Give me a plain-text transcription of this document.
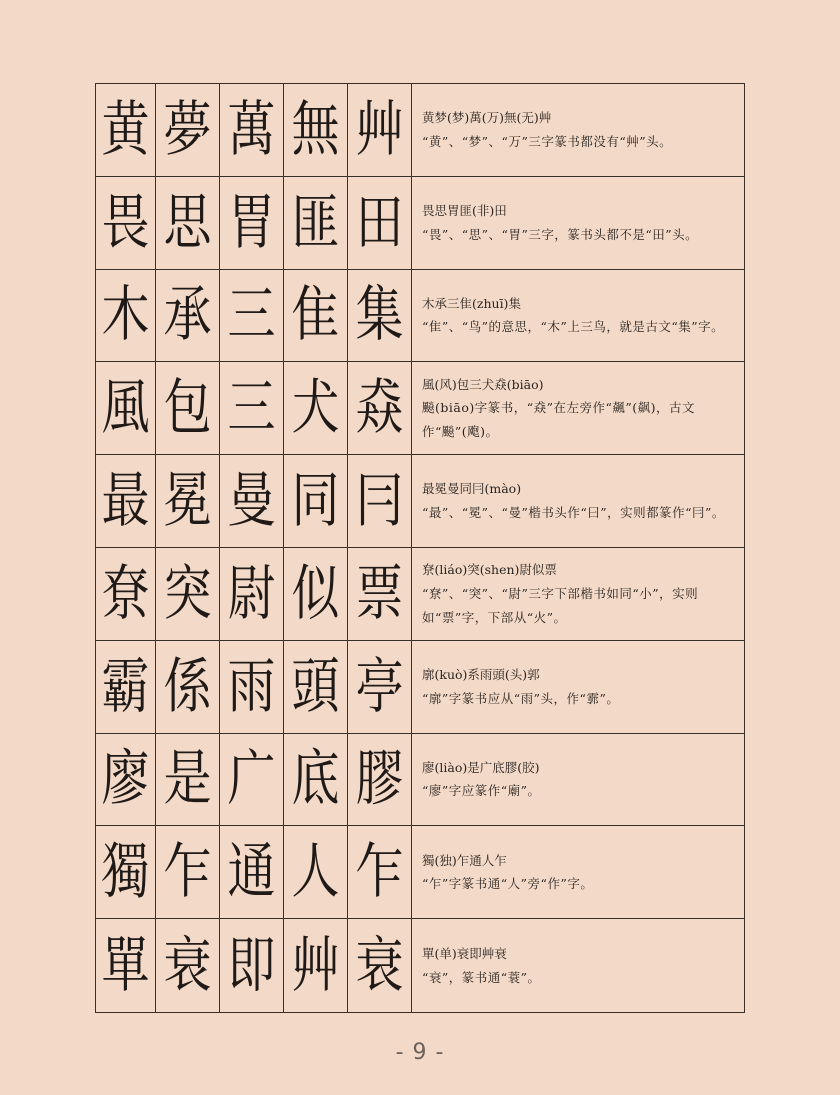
黄 夢 萬 無 艸 黄梦(梦)萬(万)無(无)艸
“黄”、“梦”、“万”三字篆书都没有“艸”头。
畏 思 胃 匪 田 畏思胃匪(非)田
“畏”、“思”、“胃”三字，篆书头都不是“田”头。
木 承 三 隹 集 木承三隹(zhuī)集
“隹”、“鸟”的意思，“木”上三鸟，就是古文“集”字。
風 包 三 犬 猋 風(风)包三犬猋(biāo)
飈(biāo)字篆书，“猋”在左旁作“飆”(飙)，古文作“飈”(飑)。
最 冕 曼 同 冃 最冕曼同冃(mào)
“最”、“冕”、“曼”楷书头作“曰”，实则都篆作“冃”。
尞 突 尉 似 票 尞(liáo)突(shen)尉似票
“尞”、“突”、“尉”三字下部楷书如同“小”，实则如“票”字，下部从“火”。
霸 係 雨 頭 亭 廓(kuò)系雨頭(头)郭
“廓”字篆书应从“雨”头，作“霩”。
廖 是 广 底 膠 廖(liào)是广底膠(胶)
“廖”字应篆作“廟”。
獨 乍 通 人 乍 獨(独)乍通人乍
“乍”字篆书通“人”旁“作”字。
單 衰 即 艸 衰 單(单)衰即艸衰
“衰”，篆书通“蓑”。
- 9 -
